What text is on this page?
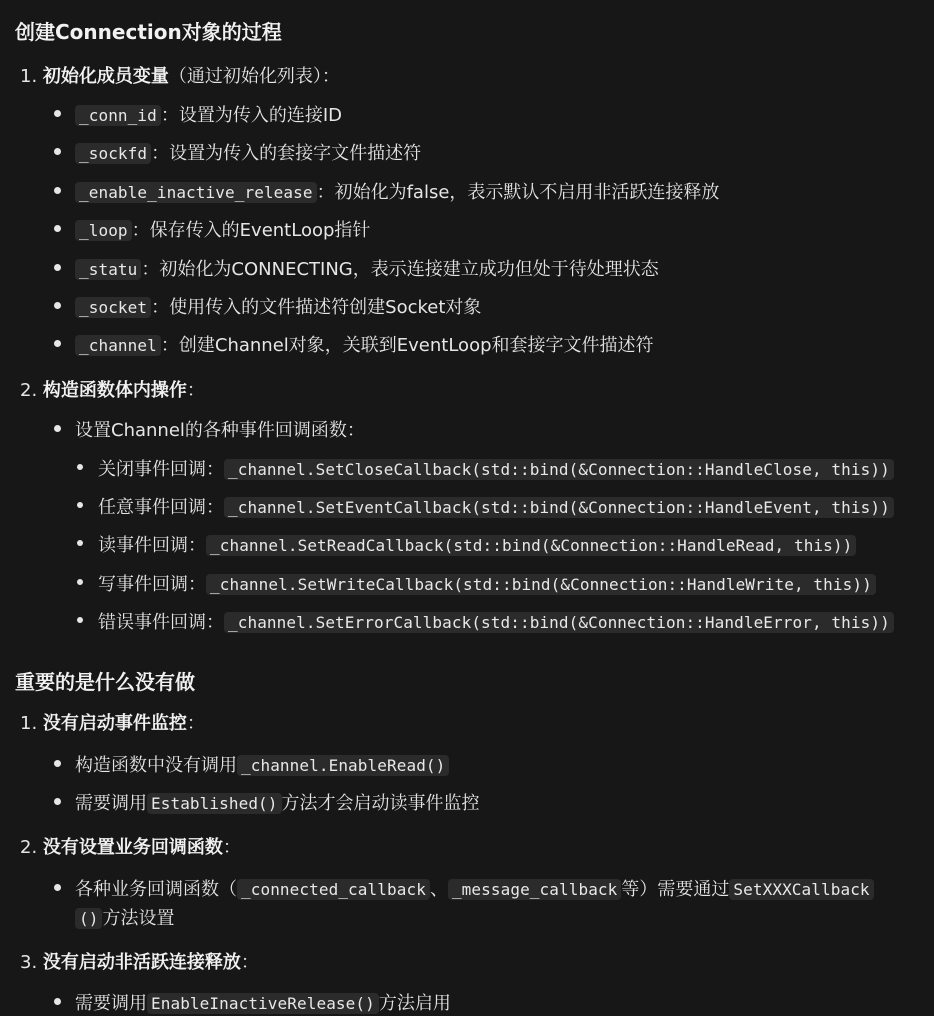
创建Connection对象的过程
1. 初始化成员变量（通过初始化列表）：
_conn_id ：设置为传入的连接ID
_sockfd ：设置为传入的套接字文件描述符
_enable_inactive_release ：初始化为false，表示默认不启用非活跃连接释放
_loop ：保存传入的EventLoop指针
_statu ：初始化为CONNECTING，表示连接建立成功但处于待处理状态
_socket ：使用传入的文件描述符创建Socket对象
_channel ：创建Channel对象，关联到EventLoop和套接字文件描述符
2. 构造函数体内操作：
设置Channel的各种事件回调函数：
关闭事件回调： _channel.SetCloseCallback(std::bind(&Connection::HandleClose, this))
任意事件回调： _channel.SetEventCallback(std::bind(&Connection::HandleEvent, this))
读事件回调： _channel.SetReadCallback(std::bind(&Connection::HandleRead, this))
写事件回调： _channel.SetWriteCallback(std::bind(&Connection::HandleWrite, this))
错误事件回调： _channel.SetErrorCallback(std::bind(&Connection::HandleError, this))
重要的是什么没有做
1. 没有启动事件监控：
构造函数中没有调用 _channel.EnableRead()
需要调用 Established() 方法才会启动读事件监控
2. 没有设置业务回调函数：
各种业务回调函数（ _connected_callback 、 _message_callback 等）需要通过 SetXXXCallback
() 方法设置
3. 没有启动非活跃连接释放：
需要调用 EnableInactiveRelease() 方法启用
